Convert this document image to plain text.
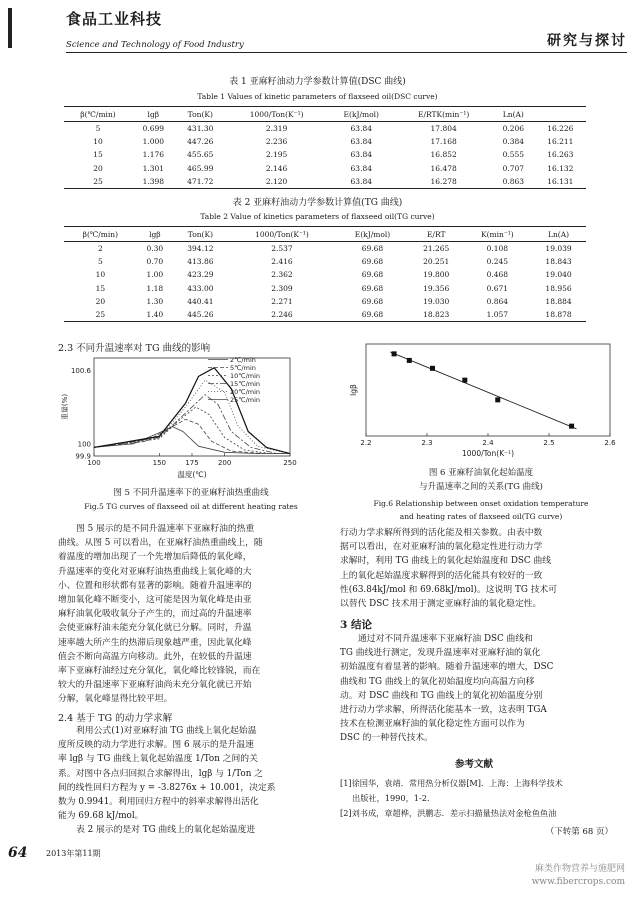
食品工业科技
Science and Technology of Food Industry	研究与探讨
表 1 亚麻籽油动力学参数计算值(DSC 曲线)
Table 1 Values of kinetic parameters of flaxseed oil(DSC curve)
β(℃/min)	lgβ	Ton(K)	1000/Ton(K⁻¹)	E(kJ/mol)	E/RTK(min⁻¹)	Ln(A)	
5	0.699	431.30	2.319	63.84	17.804	0.206	16.226
10	1.000	447.26	2.236	63.84	17.168	0.384	16.211
15	1.176	455.65	2.195	63.84	16.852	0.555	16.263
20	1.301	465.99	2.146	63.84	16.478	0.707	16.132
25	1.398	471.72	2.120	63.84	16.278	0.863	16.131
表 2 亚麻籽油动力学参数计算值(TG 曲线)
Table 2 Value of kinetics parameters of flaxseed oil(TG curve)
β(℃/min)	lgβ	Ton(K)	1000/Ton(K⁻¹)	E(kJ/mol)	E/RT	K(min⁻¹)	Ln(A)
2	0.30	394.12	2.537	69.68	21.265	0.108	19.039
5	0.70	413.86	2.416	69.68	20.251	0.245	18.843
10	1.00	423.29	2.362	69.68	19.800	0.468	19.040
15	1.18	433.00	2.309	69.68	19.356	0.671	18.956
20	1.30	440.41	2.271	69.68	19.030	0.864	18.884
25	1.40	445.26	2.246	69.68	18.823	1.057	18.878
2.3 不同升温速率对 TG 曲线的影响
2℃/min
5℃/min
10℃/min
15℃/min
20℃/min
25℃/min
100	150	175	200	250
100.6
100
99.9
温度(℃)
重量(%)
图 5 不同升温速率下的亚麻籽油热重曲线
Fig.5 TG curves of flaxseed oil at different heating rates
2.2	2.3	2.4	2.5	2.6
1000/Ton(K⁻¹)
lgβ
图 6 亚麻籽油氧化起始温度
与升温速率之间的关系(TG 曲线)
Fig.6 Relationship between onset oxidation temperature
and heating rates of flaxseed oil(TG curve)
图 5 展示的是不同升温速率下亚麻籽油的热重
曲线。从图 5 可以看出，在亚麻籽油热重曲线上，随
着温度的增加出现了一个先增加后降低的氧化峰，
升温速率的变化对亚麻籽油热重曲线上氧化峰的大
小、位置和形状都有显著的影响。随着升温速率的
增加氧化峰不断变小，这可能是因为氧化峰是由亚
麻籽油氧化吸收氧分子产生的，而过高的升温速率
会使亚麻籽油未能充分氧化就已分解。同时，升温
速率越大所产生的热滞后现象越严重，因此氧化峰
值会不断向高温方向移动。此外，在较低的升温速
率下亚麻籽油经过充分氧化，氧化峰比较锋锐，而在
较大的升温速率下亚麻籽油尚未充分氧化就已开始
分解，氧化峰显得比较平坦。
2.4 基于 TG 的动力学求解
利用公式(1)对亚麻籽油 TG 曲线上氧化起始温
度所反映的动力学进行求解。图 6 展示的是升温速
率 lgβ 与 TG 曲线上氧化起始温度 1/Ton 之间的关
系。对图中各点归回拟合求解得出，lgβ 与 1/Ton 之
间的线性回归方程为 y = -3.8276x + 10.001，决定系
数为 0.9941。利用回归方程中的斜率求解得出活化
能为 69.68 kJ/mol。
表 2 展示的是对 TG 曲线上的氧化起始温度进
行动力学求解所得到的活化能及相关参数。由表中数
据可以看出，在对亚麻籽油的氧化稳定性进行动力学
求解时，利用 TG 曲线上的氧化起始温度和 DSC 曲线
上的氧化起始温度求解得到的活化能具有较好的一致
性(63.84kJ/mol 和 69.68kJ/mol)。这说明 TG 技术可
以替代 DSC 技术用于测定亚麻籽油的氧化稳定性。
3 结论
通过对不同升温速率下亚麻籽油 DSC 曲线和
TG 曲线进行测定，发现升温速率对亚麻籽油的氧化
初始温度有着显著的影响。随着升温速率的增大，DSC
曲线和 TG 曲线上的氧化初始温度均向高温方向移
动。对 DSC 曲线和 TG 曲线上的氧化初始温度分别
进行动力学求解，所得活化能基本一致，这表明 TGA
技术在检测亚麻籽油的氧化稳定性方面可以作为
DSC 的一种替代技术。
参考文献
[1]徐国华，袁靖．常用热分析仪器[M]．上海：上海科学技术
出版社，1990，1-2．
[2]刘书成，章超桦，洪鹏志．差示扫描量热法对金枪鱼鱼油
（下转第 68 页）
64 2013年第11期
麻类作物营养与施肥网
www.fibercrops.com
